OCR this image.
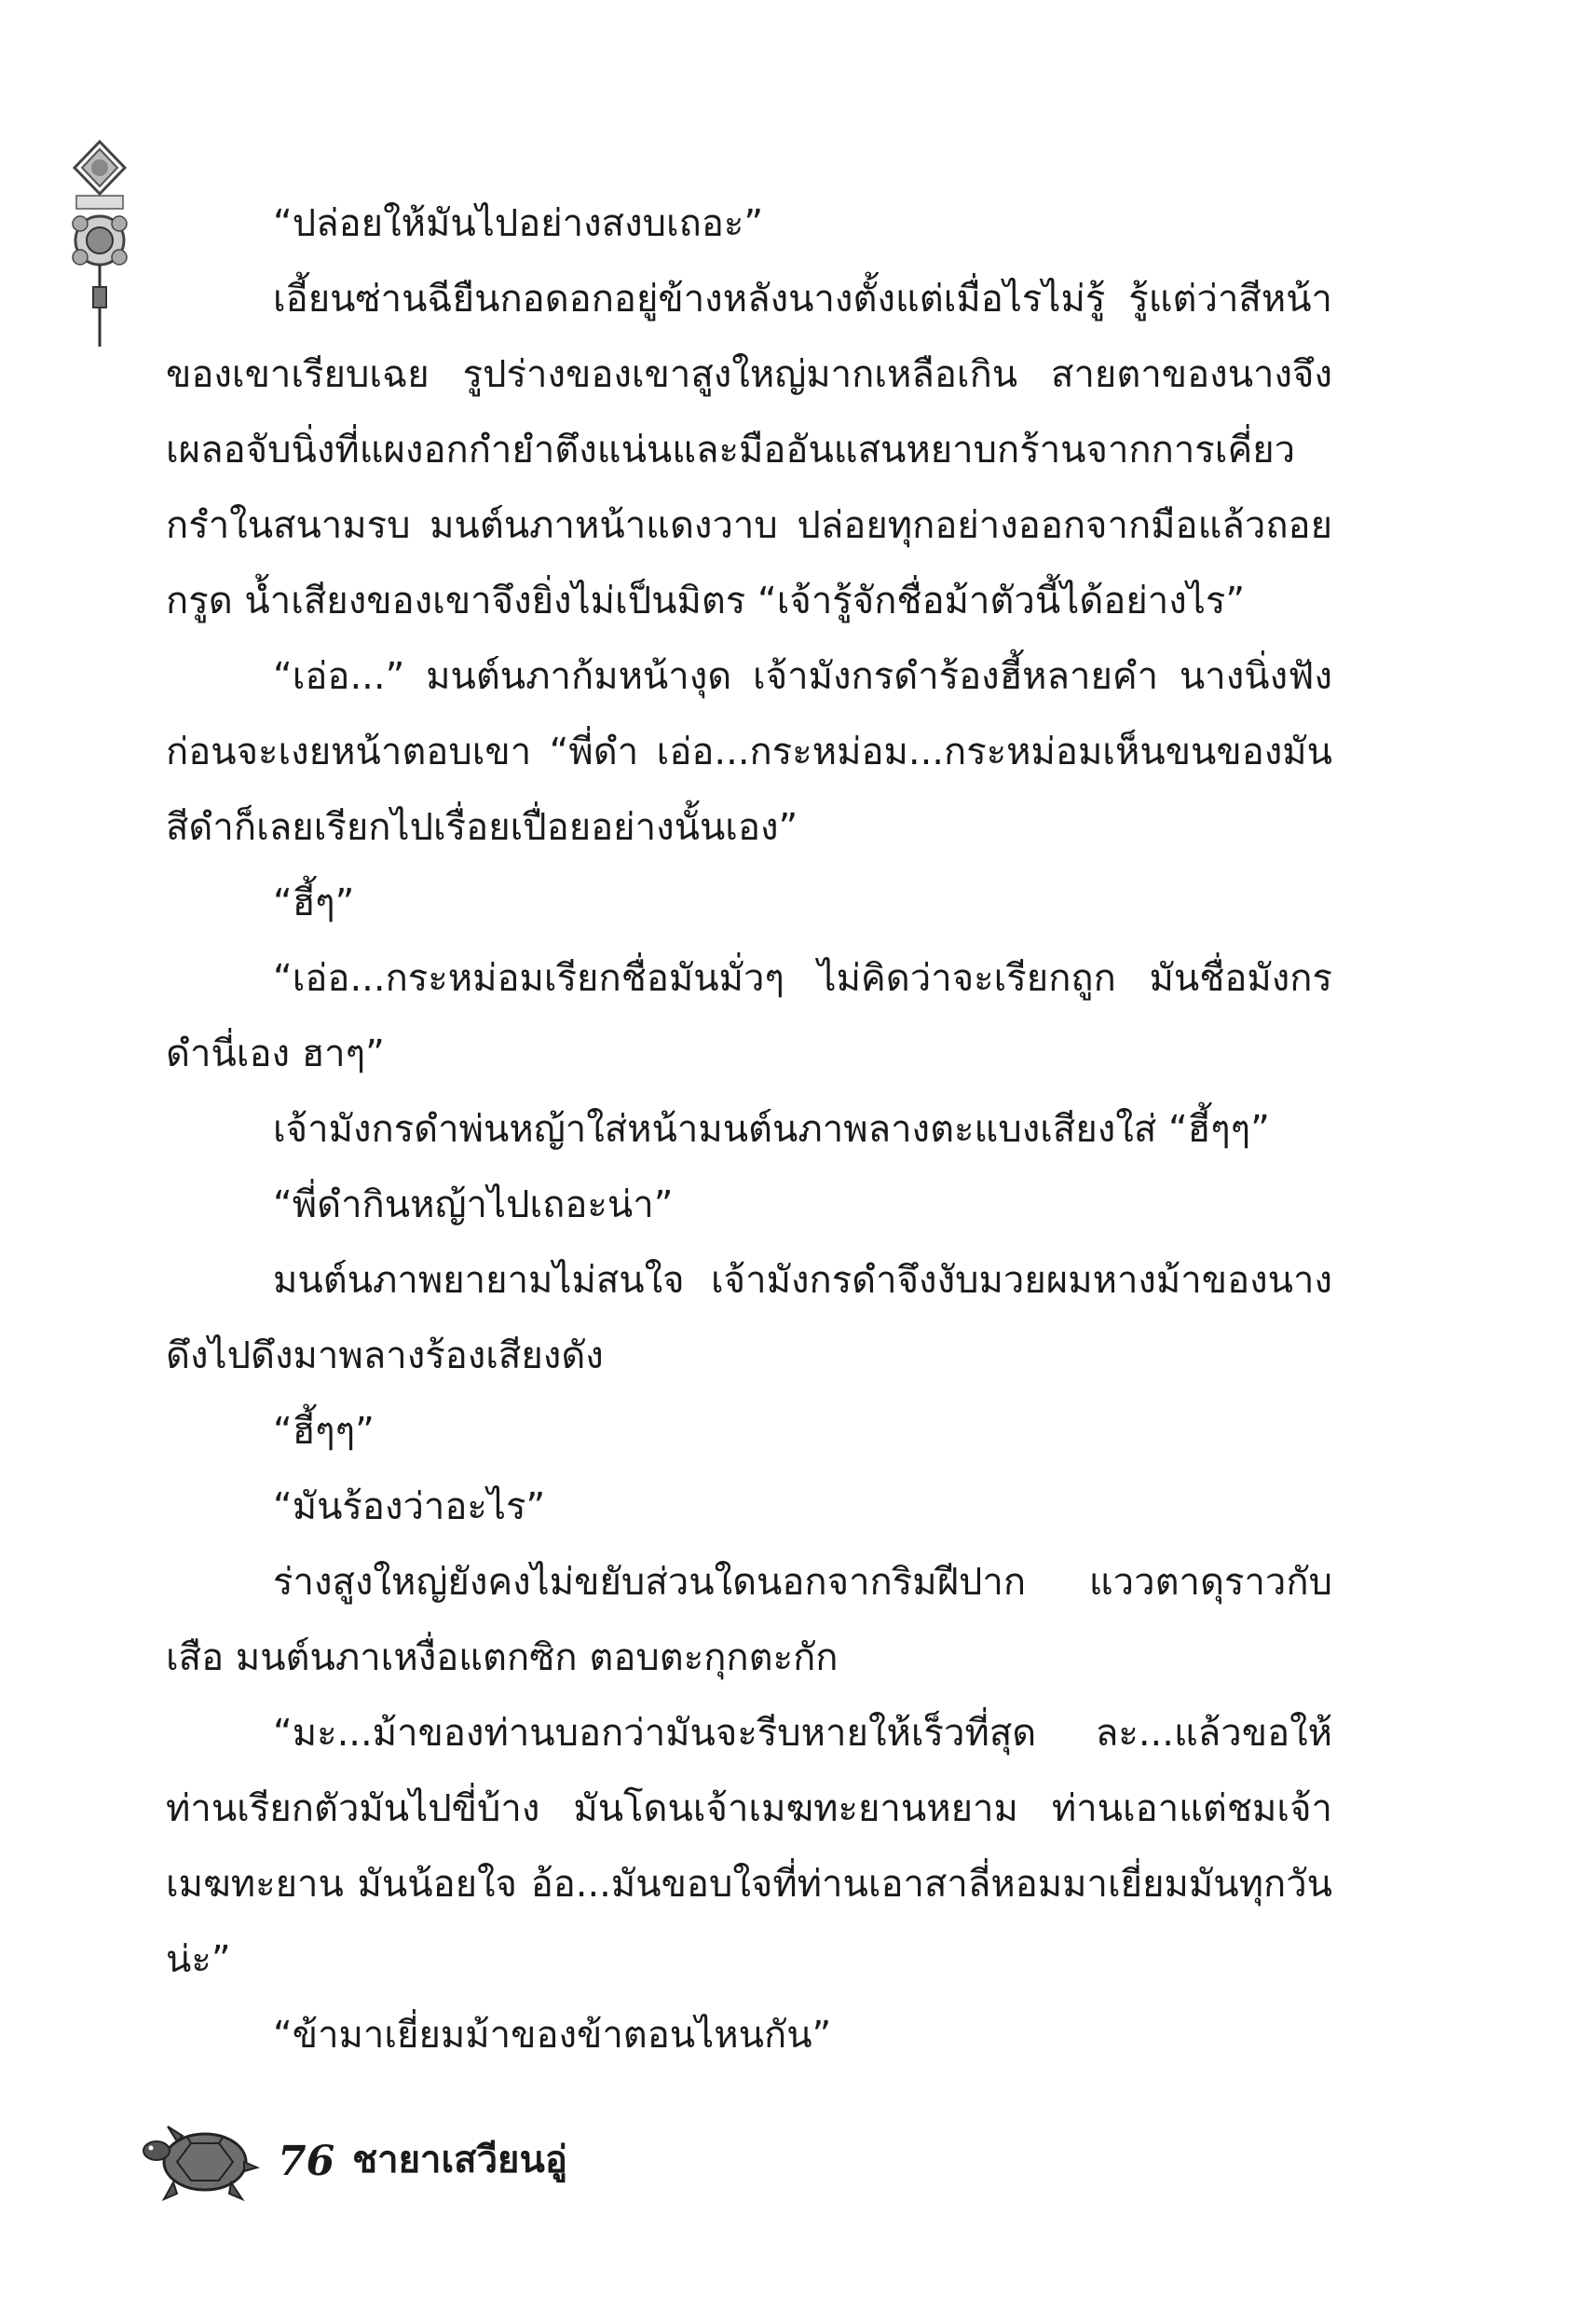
“ปล่อยให้มันไปอย่างสงบเถอะ”

เอี้ยนซ่านฉียืนกอดอกอยู่ข้างหลังนางตั้งแต่เมื่อไรไม่รู้ รู้แต่ว่าสีหน้าของเขาเรียบเฉย รูปร่างของเขาสูงใหญ่มากเหลือเกิน สายตาของนางจึงเผลอจับนิ่งที่แผงอกกำยำตึงแน่นและมืออันแสนหยาบกร้านจากการเคี่ยวกรำในสนามรบ มนต์นภาหน้าแดงวาบ ปล่อยทุกอย่างออกจากมือแล้วถอยกรูด น้ำเสียงของเขาจึงยิ่งไม่เป็นมิตร “เจ้ารู้จักชื่อม้าตัวนี้ได้อย่างไร”

“เอ่อ...” มนต์นภาก้มหน้างุด เจ้ามังกรดำร้องฮี้หลายคำ นางนิ่งฟังก่อนจะเงยหน้าตอบเขา “พี่ดำ เอ่อ...กระหม่อม...กระหม่อมเห็นขนของมันสีดำก็เลยเรียกไปเรื่อยเปื่อยอย่างนั้นเอง”

“ฮี้ๆ”

“เอ่อ...กระหม่อมเรียกชื่อมันมั่วๆ ไม่คิดว่าจะเรียกถูก มันชื่อมังกรดำนี่เอง ฮาๆ”

เจ้ามังกรดำพ่นหญ้าใส่หน้ามนต์นภาพลางตะแบงเสียงใส่ “ฮี้ๆๆ”

“พี่ดำกินหญ้าไปเถอะน่า”

มนต์นภาพยายามไม่สนใจ เจ้ามังกรดำจึงงับมวยผมหางม้าของนางดึงไปดึงมาพลางร้องเสียงดัง

“ฮี้ๆๆ”

“มันร้องว่าอะไร”

ร่างสูงใหญ่ยังคงไม่ขยับส่วนใดนอกจากริมฝีปาก แววตาดุราวกับเสือ มนต์นภาเหงื่อแตกซิก ตอบตะกุกตะกัก

“มะ...ม้าของท่านบอกว่ามันจะรีบหายให้เร็วที่สุด ละ...แล้วขอให้ท่านเรียกตัวมันไปขี่บ้าง มันโดนเจ้าเมฆทะยานหยาม ท่านเอาแต่ชมเจ้าเมฆทะยาน มันน้อยใจ อ้อ...มันขอบใจที่ท่านเอาสาลี่หอมมาเยี่ยมมันทุกวันน่ะ”

“ข้ามาเยี่ยมม้าของข้าตอนไหนกัน”

76 ชายาเสวียนอู่
